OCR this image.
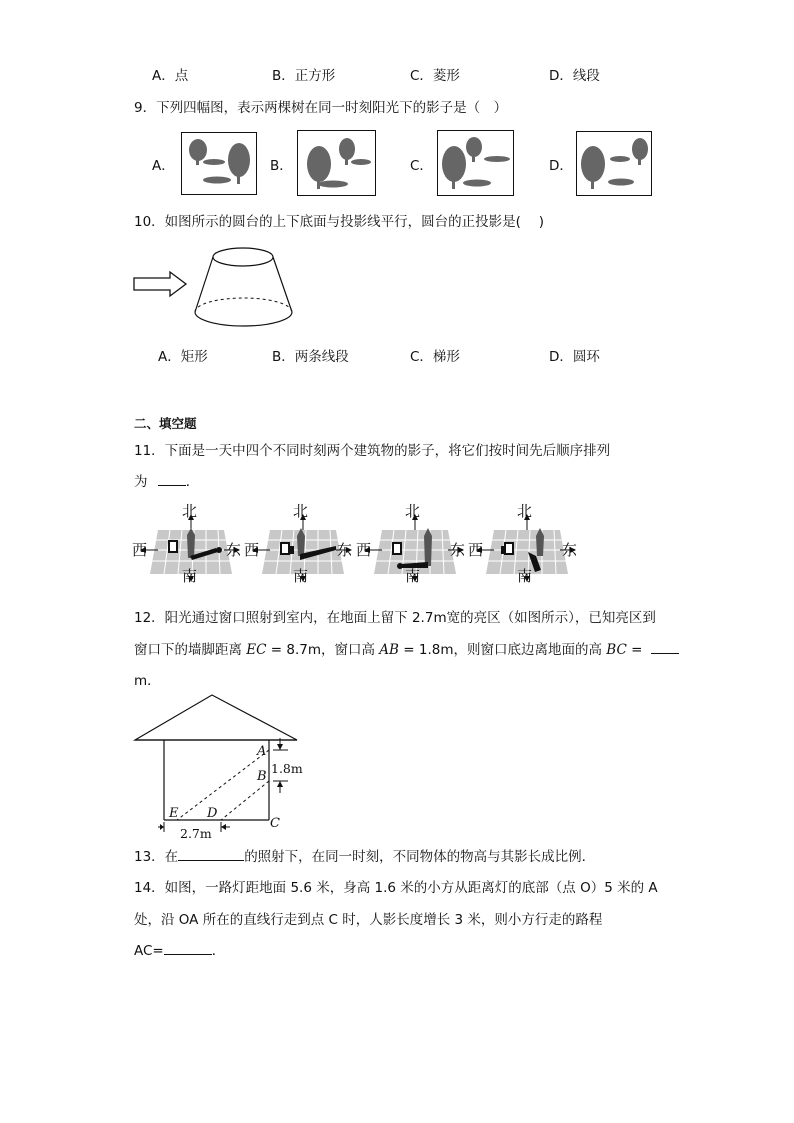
A．点	B．正方形	C．菱形	D．线段
9．下列四幅图，表示两棵树在同一时刻阳光下的影子是（　）
A．	B．	C．	D．
10．如图所示的圆台的上下底面与投影线平行，圆台的正投影是(　 )
A．矩形	B．两条线段	C．梯形	D．圆环
二、填空题
11．下面是一天中四个不同时刻两个建筑物的影子，将它们按时间先后顺序排列
为	．
北
南
西	东
北
南
西	东
北
南
西	东
北
南
西	东
12．阳光通过窗口照射到室内，在地面上留下 2.7m宽的亮区（如图所示），已知亮区到
窗口下的墙脚距离 EC = 8.7m，窗口高 AB = 1.8m，则窗口底边离地面的高 BC =
m．
A
B
C
D
E
1.8m
2.7m
13．在	的照射下，在同一时刻，不同物体的物高与其影长成比例．
14．如图，一路灯距地面 5.6 米，身高 1.6 米的小方从距离灯的底部（点 O）5 米的 A
处，沿 OA 所在的直线行走到点 C 时，人影长度增长 3 米，则小方行走的路程
AC=	．
